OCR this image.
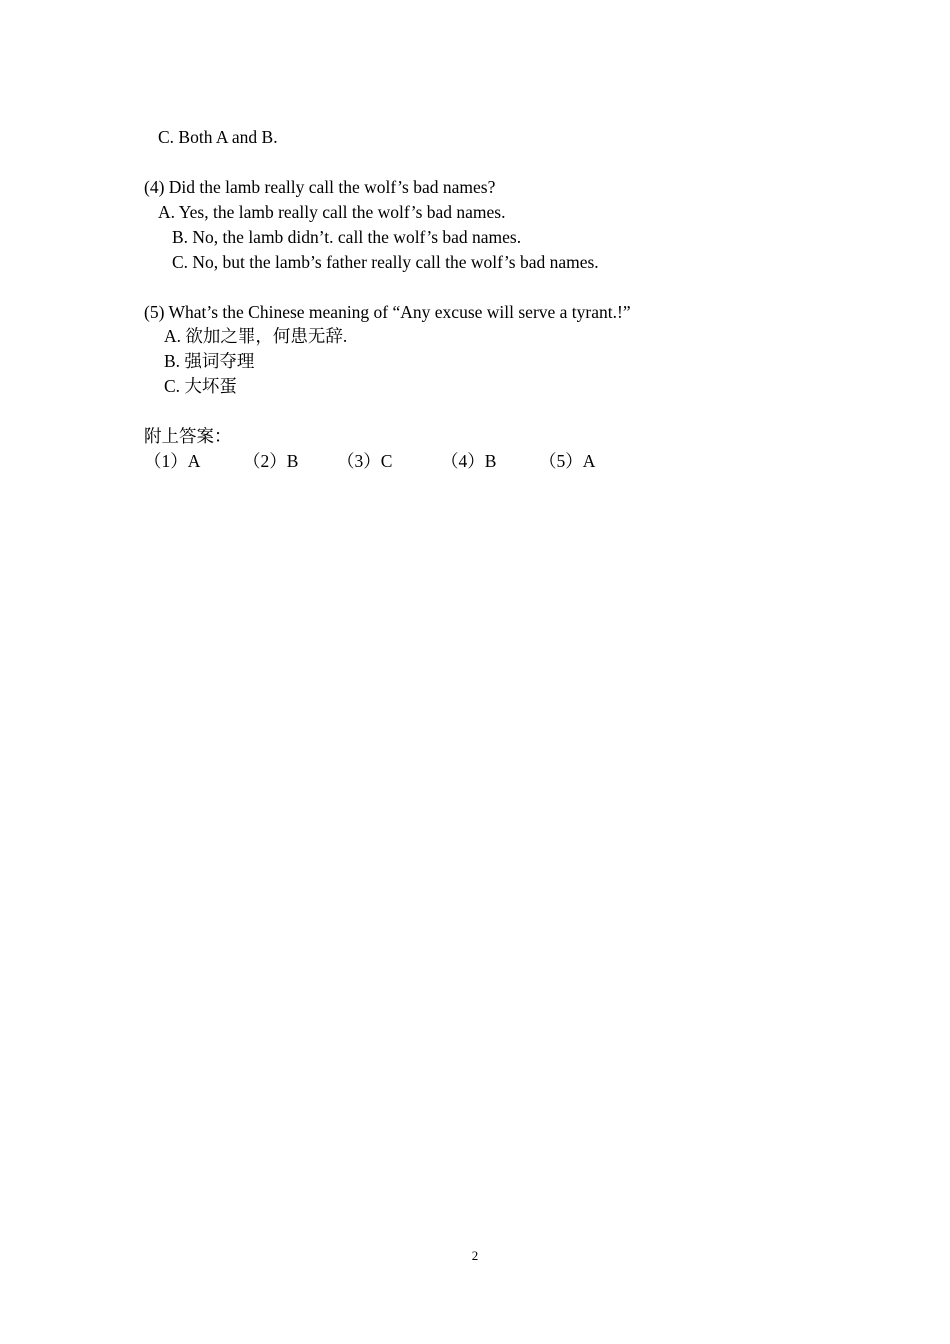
C. Both A and B.
(4) Did the lamb really call the wolf’s bad names?
A. Yes, the lamb really call the wolf’s bad names.
B. No, the lamb didn’t. call the wolf’s bad names.
C. No, but the lamb’s father really call the wolf’s bad names.
(5) What’s the Chinese meaning of “Any excuse will serve a tyrant.!”
A. 欲加之罪，何患无辞.
B. 强词夺理
C. 大坏蛋
附上答案：
（1）A （2）B （3）C	（4）B （5）A
2
